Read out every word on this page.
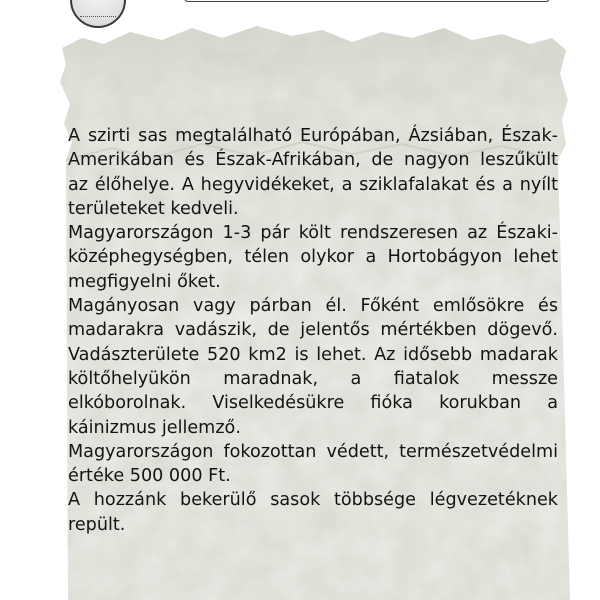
A szirti sas megtalálható Európában, Ázsiában, Észak-Amerikában és Észak-Afrikában, de nagyon leszűkült az élőhelye. A hegyvidékeket, a sziklafalakat és a nyílt területeket kedveli.

Magyarországon 1-3 pár költ rendszeresen az Északi-középhegységben, télen olykor a Hortobágyon lehet megfigyelni őket.

Magányosan vagy párban él. Főként emlősökre és madarakra vadászik, de jelentős mértékben dögevő. Vadászterülete 520 km2 is lehet. Az idősebb madarak költőhelyükön maradnak, a fiatalok messze elkóborolnak. Viselkedésükre fióka korukban a káinizmus jellemző.

Magyarországon fokozottan védett, természetvédelmi értéke 500 000 Ft.

A hozzánk bekerülő sasok többsége légvezetéknek repült.
